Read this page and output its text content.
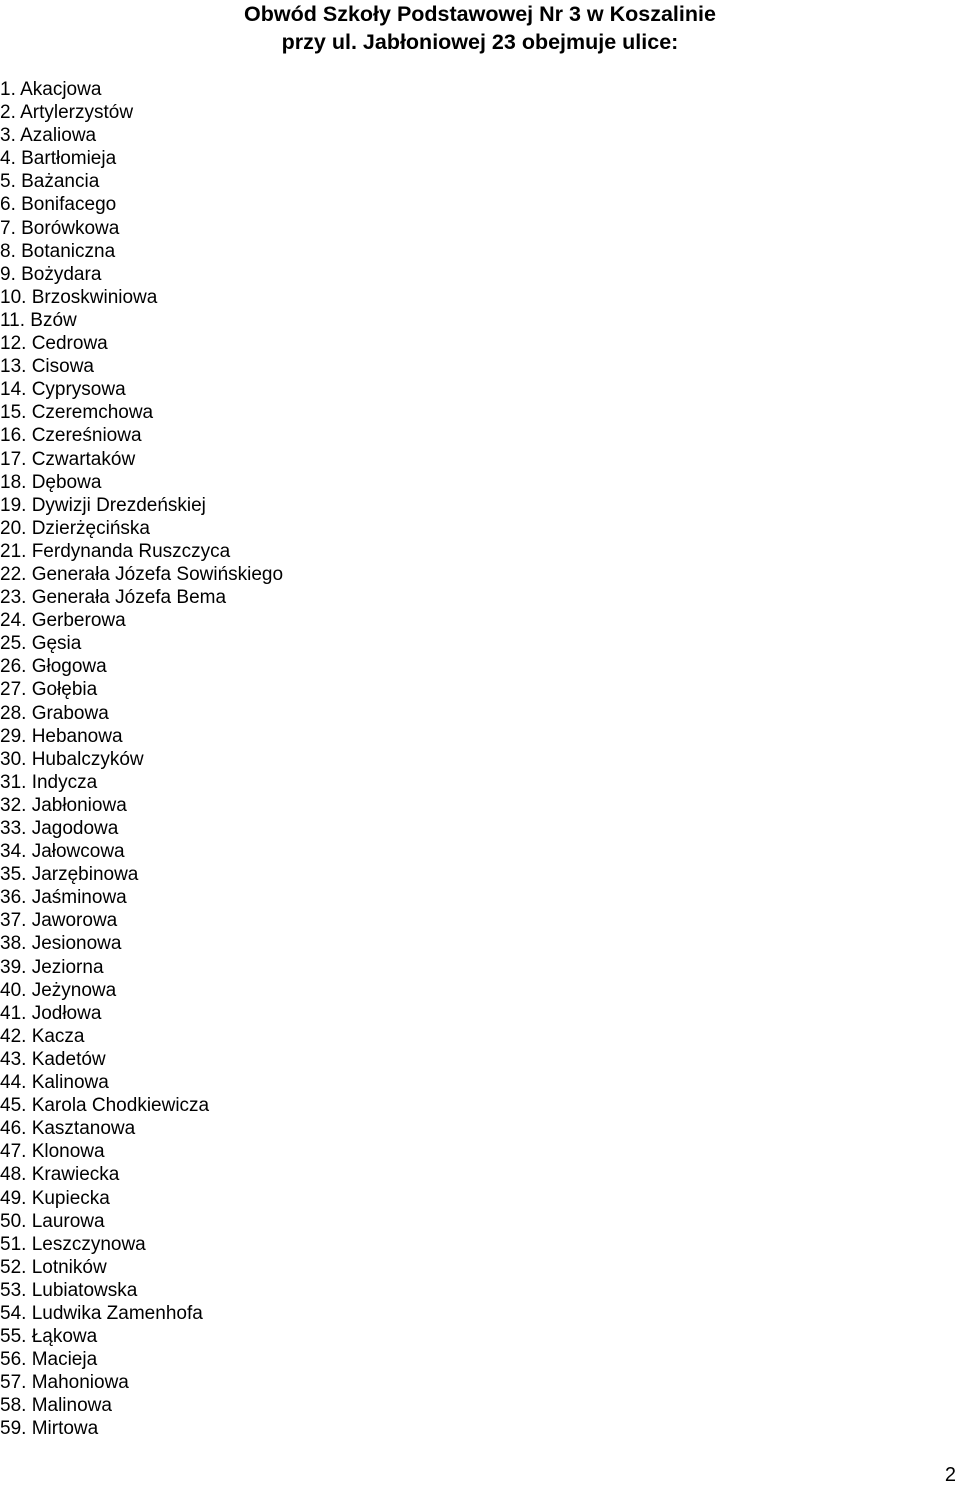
Obwód Szkoły Podstawowej Nr 3 w Koszalinie
przy ul. Jabłoniowej 23 obejmuje ulice:
1. Akacjowa
2. Artylerzystów
3. Azaliowa
4. Bartłomieja
5. Bażancia
6. Bonifacego
7. Borówkowa
8. Botaniczna
9. Bożydara
10. Brzoskwiniowa
11. Bzów
12. Cedrowa
13. Cisowa
14. Cyprysowa
15. Czeremchowa
16. Czereśniowa
17. Czwartaków
18. Dębowa
19. Dywizji Drezdeńskiej
20. Dzierżęcińska
21. Ferdynanda Ruszczyca
22. Generała Józefa Sowińskiego
23. Generała Józefa Bema
24. Gerberowa
25. Gęsia
26. Głogowa
27. Gołębia
28. Grabowa
29. Hebanowa
30. Hubalczyków
31. Indycza
32. Jabłoniowa
33. Jagodowa
34. Jałowcowa
35. Jarzębinowa
36. Jaśminowa
37. Jaworowa
38. Jesionowa
39. Jeziorna
40. Jeżynowa
41. Jodłowa
42. Kacza
43. Kadetów
44. Kalinowa
45. Karola Chodkiewicza
46. Kasztanowa
47. Klonowa
48. Krawiecka
49. Kupiecka
50. Laurowa
51. Leszczynowa
52. Lotników
53. Lubiatowska
54. Ludwika Zamenhofa
55. Łąkowa
56. Macieja
57. Mahoniowa
58. Malinowa
59. Mirtowa
2
